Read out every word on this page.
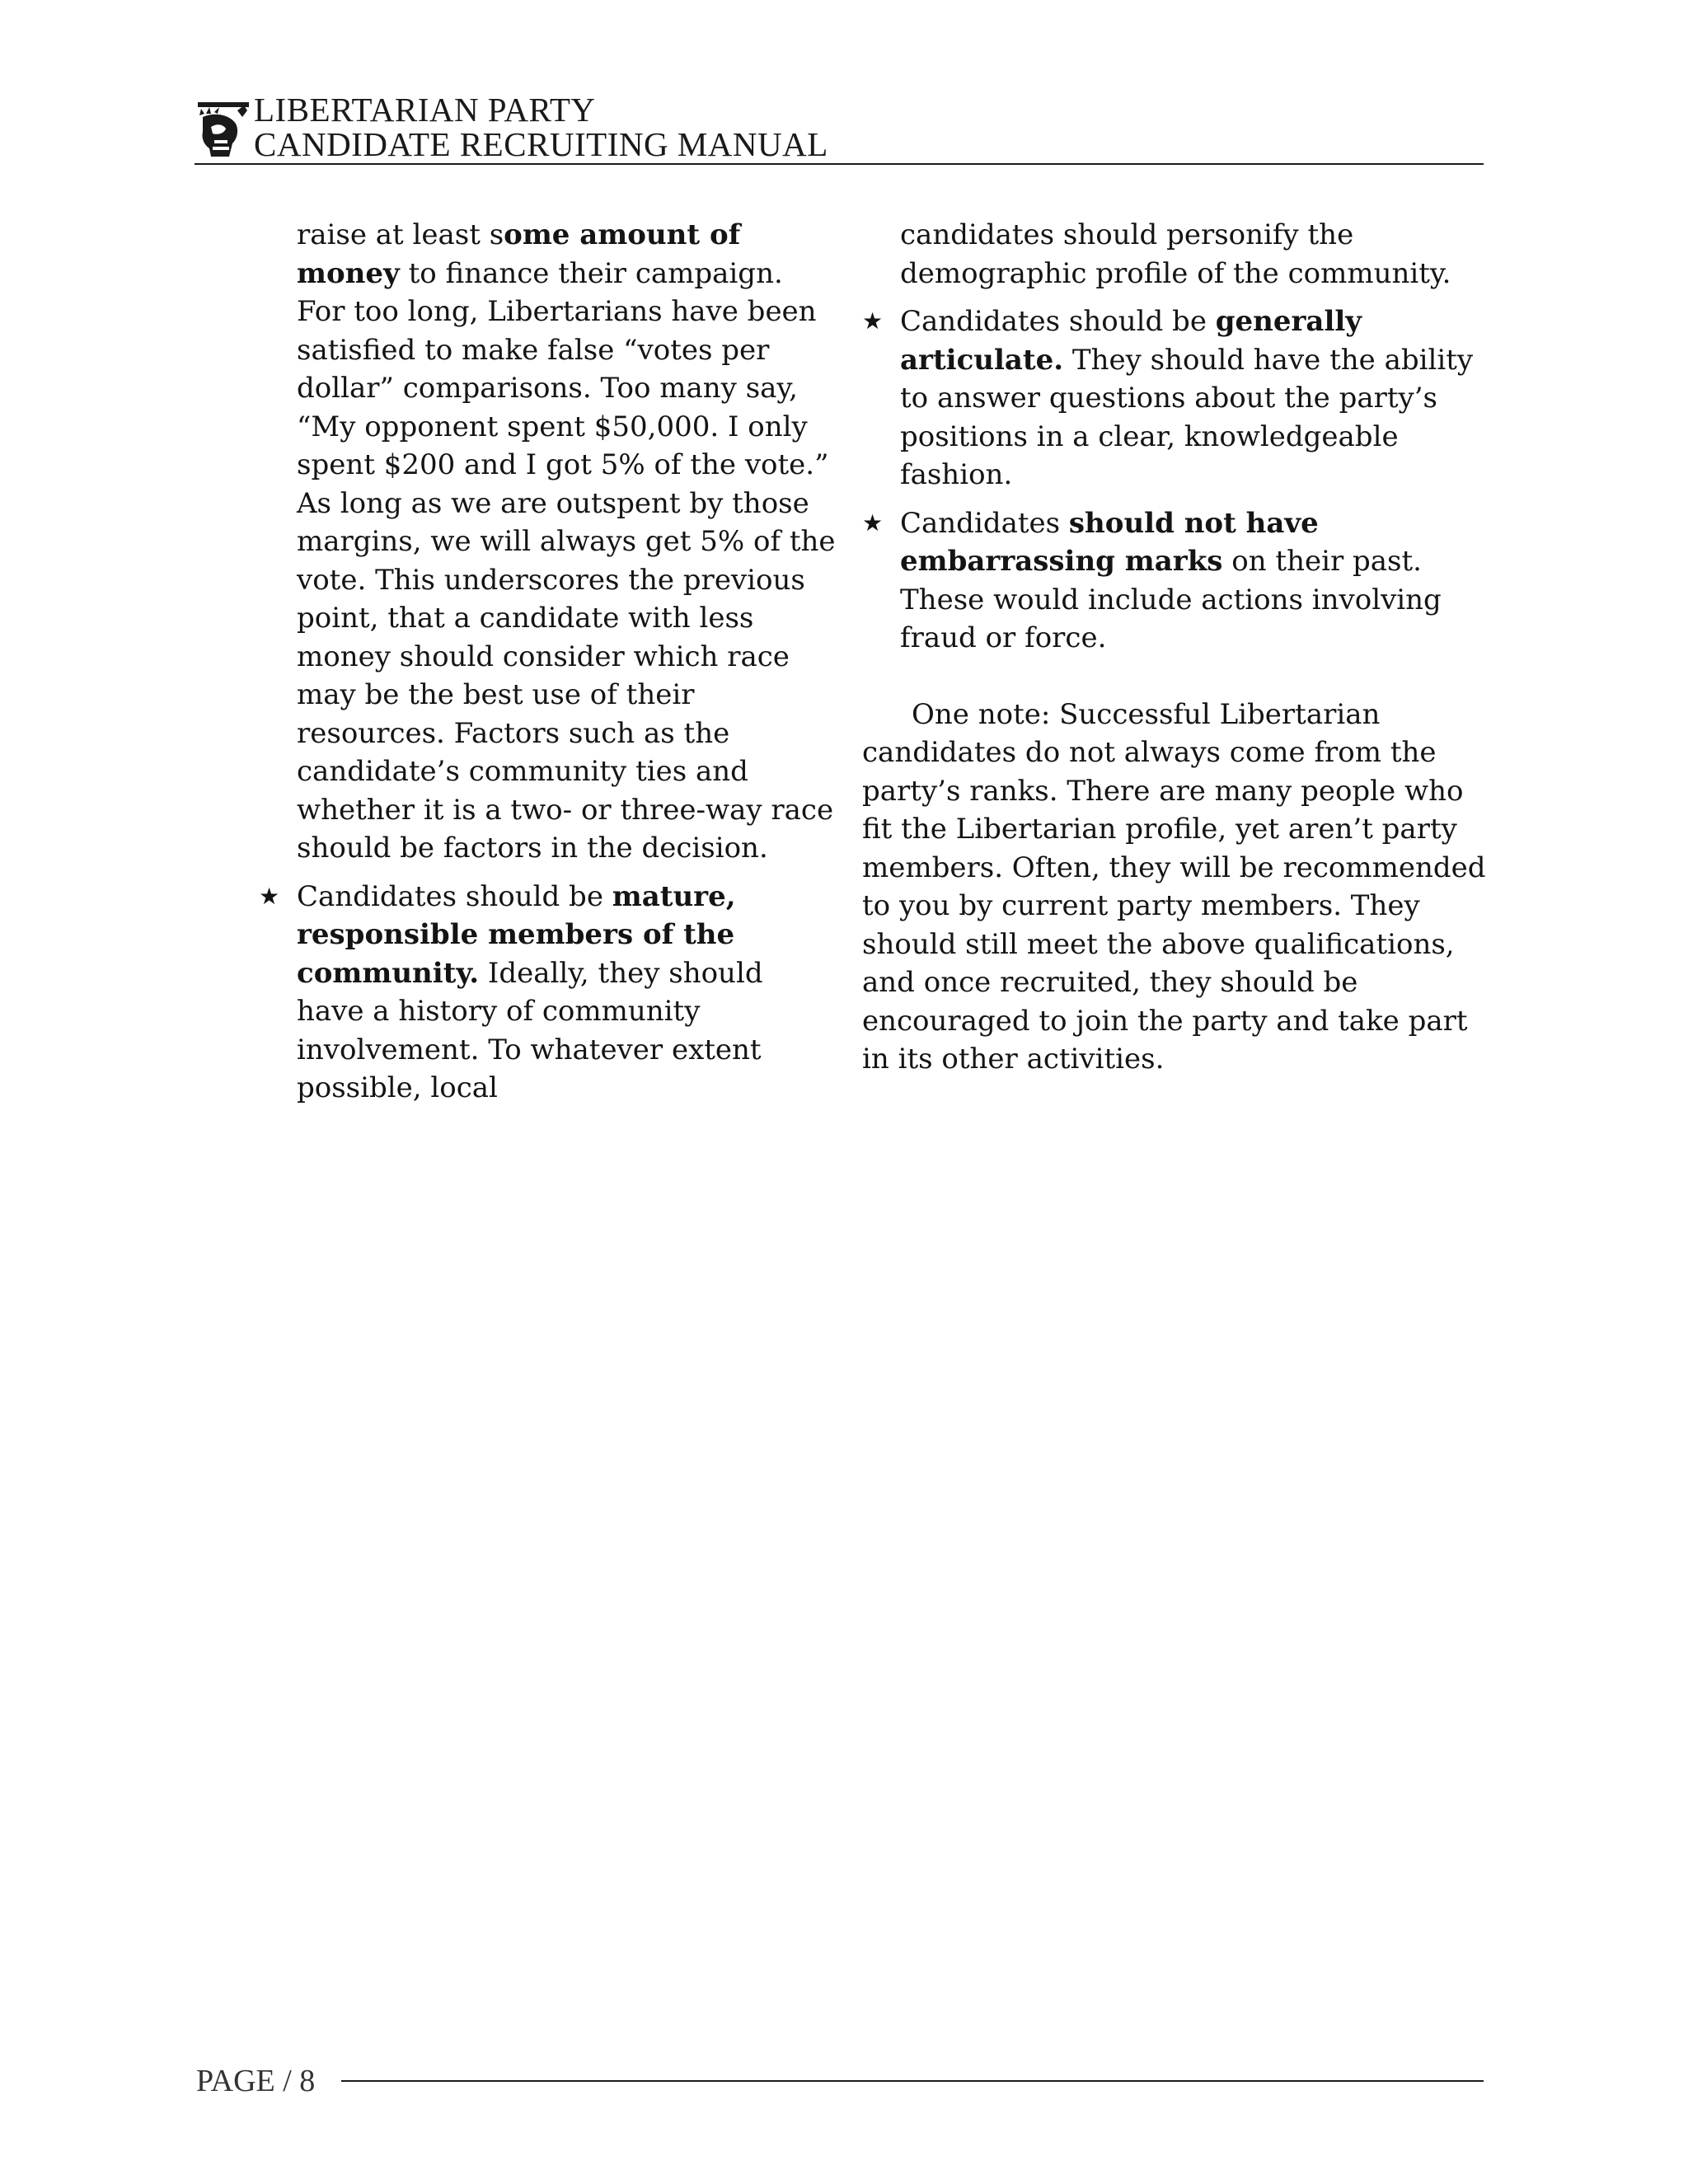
LIBERTARIAN PARTY
CANDIDATE RECRUITING MANUAL

raise at least some amount of money to finance their campaign. For too long, Libertarians have been satisfied to make false “votes per dollar” comparisons. Too many say, “My opponent spent $50,000. I only spent $200 and I got 5% of the vote.” As long as we are outspent by those margins, we will always get 5% of the vote. This underscores the previous point, that a candidate with less money should consider which race may be the best use of their resources. Factors such as the candidate’s community ties and whether it is a two- or three-way race should be factors in the decision.

★ Candidates should be mature, responsible members of the community. Ideally, they should have a history of community involvement. To whatever extent possible, local

candidates should personify the demographic profile of the community.

★ Candidates should be generally articulate. They should have the ability to answer questions about the party’s positions in a clear, knowledgeable fashion.

★ Candidates should not have embarrassing marks on their past. These would include actions involving fraud or force.

One note: Successful Libertarian candidates do not always come from the party’s ranks. There are many people who fit the Libertarian profile, yet aren’t party members. Often, they will be recommended to you by current party members. They should still meet the above qualifications, and once recruited, they should be encouraged to join the party and take part in its other activities.

PAGE / 8
